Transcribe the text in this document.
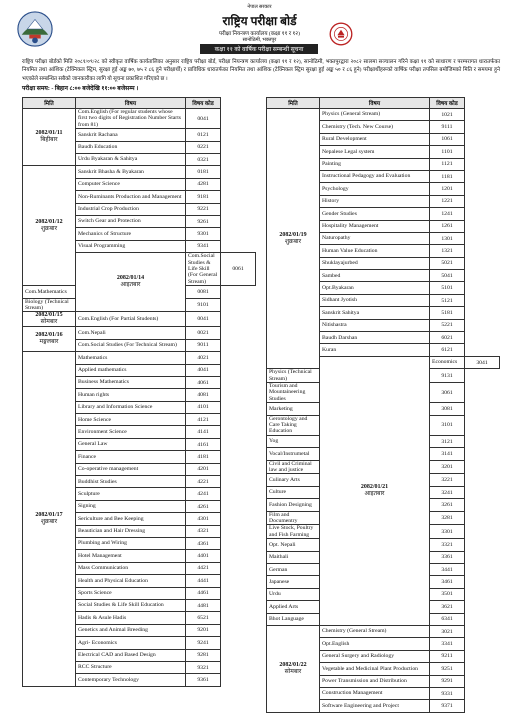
नेपाल सरकार
राष्ट्रिय परीक्षा बोर्ड
परीक्षा नियन्त्रण कार्यालय (कक्षा ११ र १२)
सानोठिमी, भक्तपुर
कक्षा ११ को वार्षिक परीक्षा सम्बन्धी सूचना
राष्ट्रिय परीक्षा बोर्डको मिति २०८१/०९/२८ को स्वीकृत वार्षिक कार्यतालिका अनुसार राष्ट्रिय परीक्षा बोर्ड, परीक्षा नियन्त्रण कार्यालय (कक्षा ११ र १२), सानोठिमी, भक्तपुरद्वारा २०८२ सालमा सञ्चालन गरिने कक्षा ११ को साधारण र परम्परागत धारातर्फका नियमित तथा आंशिक (टेक्निकल स्ट्रिम, सुरक्षा हुई अङ्क ७०, ७५ र ८६ हुने परीक्षार्थी) र प्राविधिक धारातर्फका नियमित तथा आंशिक (टेक्निकल स्ट्रिम सुरक्षा हुई अङ्क ५० र ८६ हुने) परीक्षार्थीहरूको वार्षिक परीक्षा तपसिल बमोजिमको मिति र समयमा हुने भएकोले सम्बन्धित सबैको जानकारीका लागि यो सूचना प्रकाशित गरिएको छ ।
परीक्षा समय: - बिहान ८:०० बजेदेखि ११:०० बजेसम्म ।
मिति	विषय	विषय कोड	

2082/01/11
बिहीबार	Com.English (For regular students whose first two digits of Registration Number Starts from 81)	0041	
	Sanskrit Rachana	0121	
	Baudh Education	0221	
	Urdu Byakaran & Sahitya	0321	

2082/01/12
शुक्रबार	Sanskrit Bhasha & Byakaran	0181	
	Computer Science	4281	
	Non-Ruminants Production and Management	9181	
	Industrial Crop Production	9221	
	Switch Gear and Protection	9261	
	Mechanics of Structure	9301	
	Visual Programming	9341	

	2082/01/14
आइतबार	Com.Social Studies & Life Skill (For General Stream)	0061
Com.Mathematics		0081	
Biology (Technical Stream)		9101	

2082/01/15
सोमबार	Com.English (For Partial Students)	0041	

2082/01/16
मङ्गलबार	Com.Nepali	0021	
	Com.Social Studies (For Technical Stream)	9011	

2082/01/17
शुक्रबार	Mathematics	4021	
	Applied mathematics	4041	
	Business Mathematics	4061	
	Human rights	4081	
	Library and Information Science	4101	
	Home Science	4121	
	Environment Science	4141	
	General Law	4161	
	Finance	4181	
	Co-operative management	4201	
	Buddhist Studies	4221	
	Sculpture	4241	
	Signing	4261	
	Sericulture and Bee Keeping	4301	
	Beautician and Hair Dressing	4321	
	Plumbing and Wiring	4361	
	Hotel Management	4401	
	Mass Communication	4421	
	Health and Physical Education	4441	
	Sports Science	4461	
	Social Studies & Life Skill Education	4481	
	Hadis & Asule Hadis	6521	
	Genetics and Animal Breeding	9201	
	Agri- Economics	9241	
	Electrical CAD and Based Design	9281	
	RCC Structure	9321	
	Contemporary Technology	9361	
मिति	विषय	विषय कोड	

2082/01/19
शुक्रबार	Physics (General Stream)	1021	
	Chemistry (Tech. New Course)	9111	
	Rural Development	1061	
	Nepalese Legal system	1101	
	Painting	1121	
	Instructional Pedagogy and Evaluation	1181	
	Psychology	1201	
	History	1221	
	Gender Studies	1241	
	Hospitality Management	1261	
	Naturopathy	1301	
	Human Value Education	1321	
	Shuklayajurbed	5021	
	Sambed	5041	
	Opt.Byakaran	5101	
	Sidhant Jyotish	5121	
	Sanskrit Sahitya	5181	
	Nitishastra	5221	
	Baudh Darshan	6021	
	Kuran	6121	

	2082/01/21
आइतबार	Economics	3041
Physics (Technical Stream)		9131	
Tourism and Mountaineering Studies		3061	
Marketing		3081	
Gerontology and Care Taking Education		3101	
Yog		3121	
Vocal/Instrumetal		3141	
Civil and Criminal law and justice		3201	
Culinary Arts		3221	
Culture		3241	
Fashion Designing		3261	
Film and Documentry		3281	
Live Stock, Poultry and Fish Farming		3301	
Opt. Nepali		3321	
Maithali		3361	
German		3441	
Japanese		3461	
Urdu		3501	
Applied Arts		3621	
Bhot Language		6341	

2082/01/22
सोमबार	Chemistry (General Stream)	3021	
	Opt.English	3341	
	General Surgery and Radiology	9211	
	Vegetable and Medicinal Plant Production	9251	
	Power Transmission and Distribution	9291	
	Construction Management	9331	
	Software Engineering and Project	9371	
